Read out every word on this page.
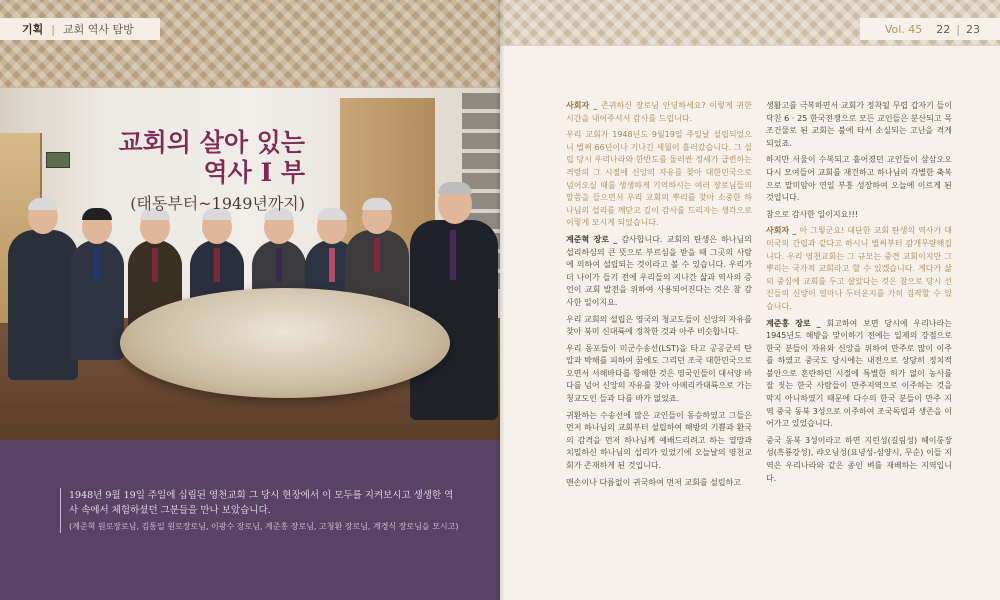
기획 | 교회 역사 탐방
교회의 살아 있는
역사 I 부
(태동부터~1949년까지)
1948년 9월 19일 주일에 십립된 영천교회 그 당시 현장에서 이 모두를 지켜보시고 생생한 역사 속에서 체험하셨던 그분들을 만나 보았습니다.
(계준혁 원로장로님, 김통일 원로장로님, 이광수 장로님, 계준홍 장로님, 고청환 장로님, 계경식 장로님을 모시고)
Vol. 45 22 | 23

사회자 _ 존귀하신 장로님 안녕하세요? 이렇게 귀한 시간을 내어주셔서 감사를 드립니다.

우리 교회가 1948년도 9월19일 주일날 설립되었으니 벌써 66년이나 기나긴 세월이 흘러갔습니다. 그 설립 당시 우리나라와 한반도를 둘러싼 정세가 급변하는 격랑의 그 시절에 신앙의 자유를 찾아 대한민국으로 넘어오실 때를 생생하게 기억하시는 여러 장로님들의 말씀을 들으면서 우리 교회의 뿌리를 찾아 소중한 하나님의 섭리를 깨닫고 깊이 감사를 드리자는 생각으로 이렇게 모시게 되었습니다.

계준혁 장로 _ 감사합니다. 교회의 탄생은 하나님의 섭리하심의 큰 뜻으로 부르심을 받을 때 그곳의 사람에 의하여 설립되는 것이라고 볼 수 있습니다. 우리가 더 나이가 들기 전에 우리들의 지나간 삶과 역사의 증언이 교회 발전을 위하여 사용되어진다는 것은 참 감사한 일이지요.

우리 교회의 설립은 영국의 청교도들이 신앙의 자유를 찾아 북미 신대륙에 정착한 것과 아주 비슷합니다.

우리 동포들이 미군수송선(LST)을 타고 공공군의 탄압과 박해를 피하여 꿈에도 그리던 조국 대한민국으로 오면서 서해바다를 항해한 것은 영국인들이 대서양 바다를 넘어 신앙의 자유를 찾아 아메리카대륙으로 가는 청교도인 들과 다를 바가 없었죠.

귀환하는 수송선에 많은 교인들이 동승하였고 그들은 먼저 하나님의 교회부터 설립하여 해방의 기쁨과 환국의 감격을 먼저 하나님께 예배드리려고 하는 열망과 치밀하신 하나님의 섭리가 있었기에 오늘날의 영천교회가 존재하게 된 것입니다.

맨손이나 다름없이 귀국하여 먼저 교회를 설립하고

생활고를 극복하면서 교회가 정착될 무렵 갑자기 들이 닥친 6 · 25 한국전쟁으로 모든 교인들은 분산되고 목조건물로 된 교회는 불에 타서 소실되는 고난을 격게 되었죠.

하지만 서울이 수복되고 흩어졌던 교인들이 삼삼오오 다시 모여들어 교회를 재건하고 하나님의 각별한 축복으로 말미암아 연일 부흥 성장하여 오늘에 이르게 된 것입니다.

참으로 감사한 일이지요!!!

사회자 _ 아 그렇군요! 대단한 교회 탄생의 역사가 대미국의 간립과 같다고 하시니 벌써부터 감개무량해집니다. 우리 영천교회는 그 규모는 중견 교회이지만 그 뿌리는 국가적 교회라고 할 수 있겠습니다. 게다가 삶의 중심에 교회를 두고 살았다는 것은 참으로 당시 선진들의 신앙이 얼마나 두터운지를 가히 짐작할 수 있습니다.

계준홍 장로 _ 회고하여 보면 당시에 우리나라는 1945년도 해방을 맞이하기 전에는 일제의 강점으로 한국 분들이 자유와 신앙을 위하여 만주로 많이 이주를 하였고 중국도 당시에는 내전으로 상당히 정치적 불안으로 혼란하던 시절에 특별한 허가 없이 농사를 잘 짓는 한국 사람들이 만주지역으로 이주하는 것을 막지 아니하였기 때문에 다수의 한국 분들이 만주 지역 중국 동북 3성으로 이주하여 조국독립과 생존을 이어가고 있었습니다.

중국 동북 3성이라고 하면 지린성(길림성) 헤이룽장성(흑룡강성), 랴오닝성(요녕성-심양시, 무순) 이들 지역은 우리나라와 같은 종인 벼를 재배하는 지역입니다.
